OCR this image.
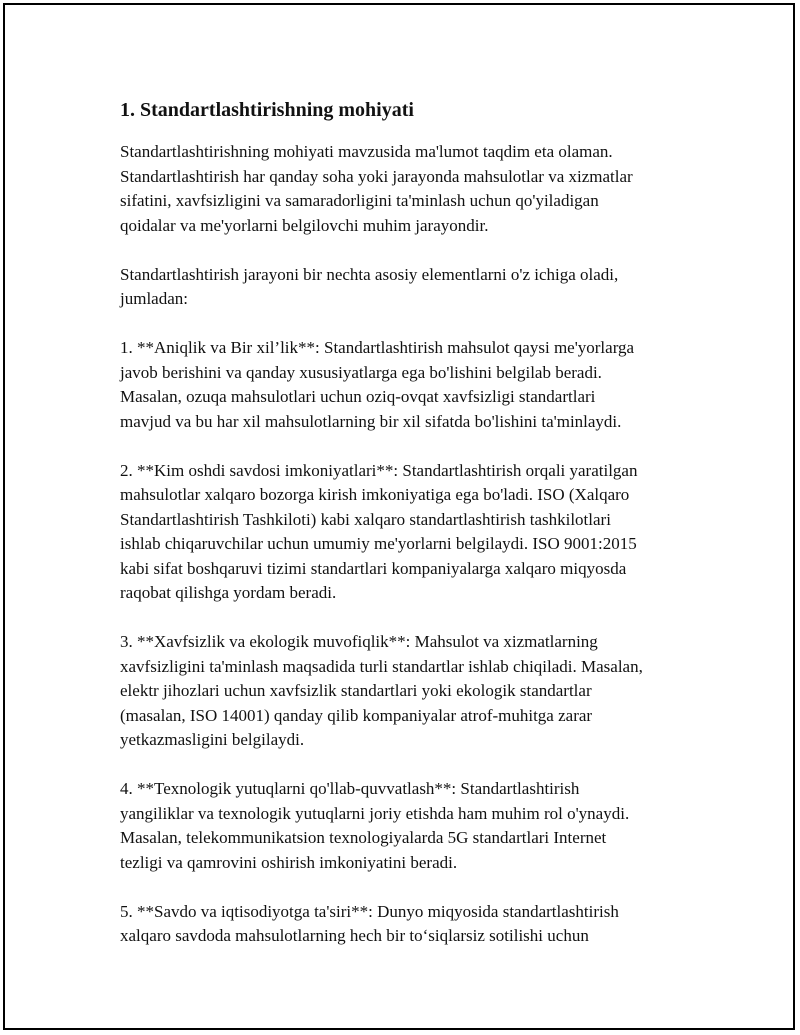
1. Standartlashtirishning mohiyati
Standartlashtirishning mohiyati mavzusida ma'lumot taqdim eta olaman.
Standartlashtirish har qanday soha yoki jarayonda mahsulotlar va xizmatlar
sifatini, xavfsizligini va samaradorligini ta'minlash uchun qo'yiladigan
qoidalar va me'yorlarni belgilovchi muhim jarayondir.
Standartlashtirish jarayoni bir nechta asosiy elementlarni o'z ichiga oladi,
jumladan:
1. **Aniqlik va Bir xil’lik**: Standartlashtirish mahsulot qaysi me'yorlarga
javob berishini va qanday xususiyatlarga ega bo'lishini belgilab beradi.
Masalan, ozuqa mahsulotlari uchun oziq-ovqat xavfsizligi standartlari
mavjud va bu har xil mahsulotlarning bir xil sifatda bo'lishini ta'minlaydi.
2. **Kim oshdi savdosi imkoniyatlari**: Standartlashtirish orqali yaratilgan
mahsulotlar xalqaro bozorga kirish imkoniyatiga ega bo'ladi. ISO (Xalqaro
Standartlashtirish Tashkiloti) kabi xalqaro standartlashtirish tashkilotlari
ishlab chiqaruvchilar uchun umumiy me'yorlarni belgilaydi. ISO 9001:2015
kabi sifat boshqaruvi tizimi standartlari kompaniyalarga xalqaro miqyosda
raqobat qilishga yordam beradi.
3. **Xavfsizlik va ekologik muvofiqlik**: Mahsulot va xizmatlarning
xavfsizligini ta'minlash maqsadida turli standartlar ishlab chiqiladi. Masalan,
elektr jihozlari uchun xavfsizlik standartlari yoki ekologik standartlar
(masalan, ISO 14001) qanday qilib kompaniyalar atrof-muhitga zarar
yetkazmasligini belgilaydi.
4. **Texnologik yutuqlarni qo'llab-quvvatlash**: Standartlashtirish
yangiliklar va texnologik yutuqlarni joriy etishda ham muhim rol o'ynaydi.
Masalan, telekommunikatsion texnologiyalarda 5G standartlari Internet
tezligi va qamrovini oshirish imkoniyatini beradi.
5. **Savdo va iqtisodiyotga ta'siri**: Dunyo miqyosida standartlashtirish
xalqaro savdoda mahsulotlarning hech bir to‘siqlarsiz sotilishi uchun
